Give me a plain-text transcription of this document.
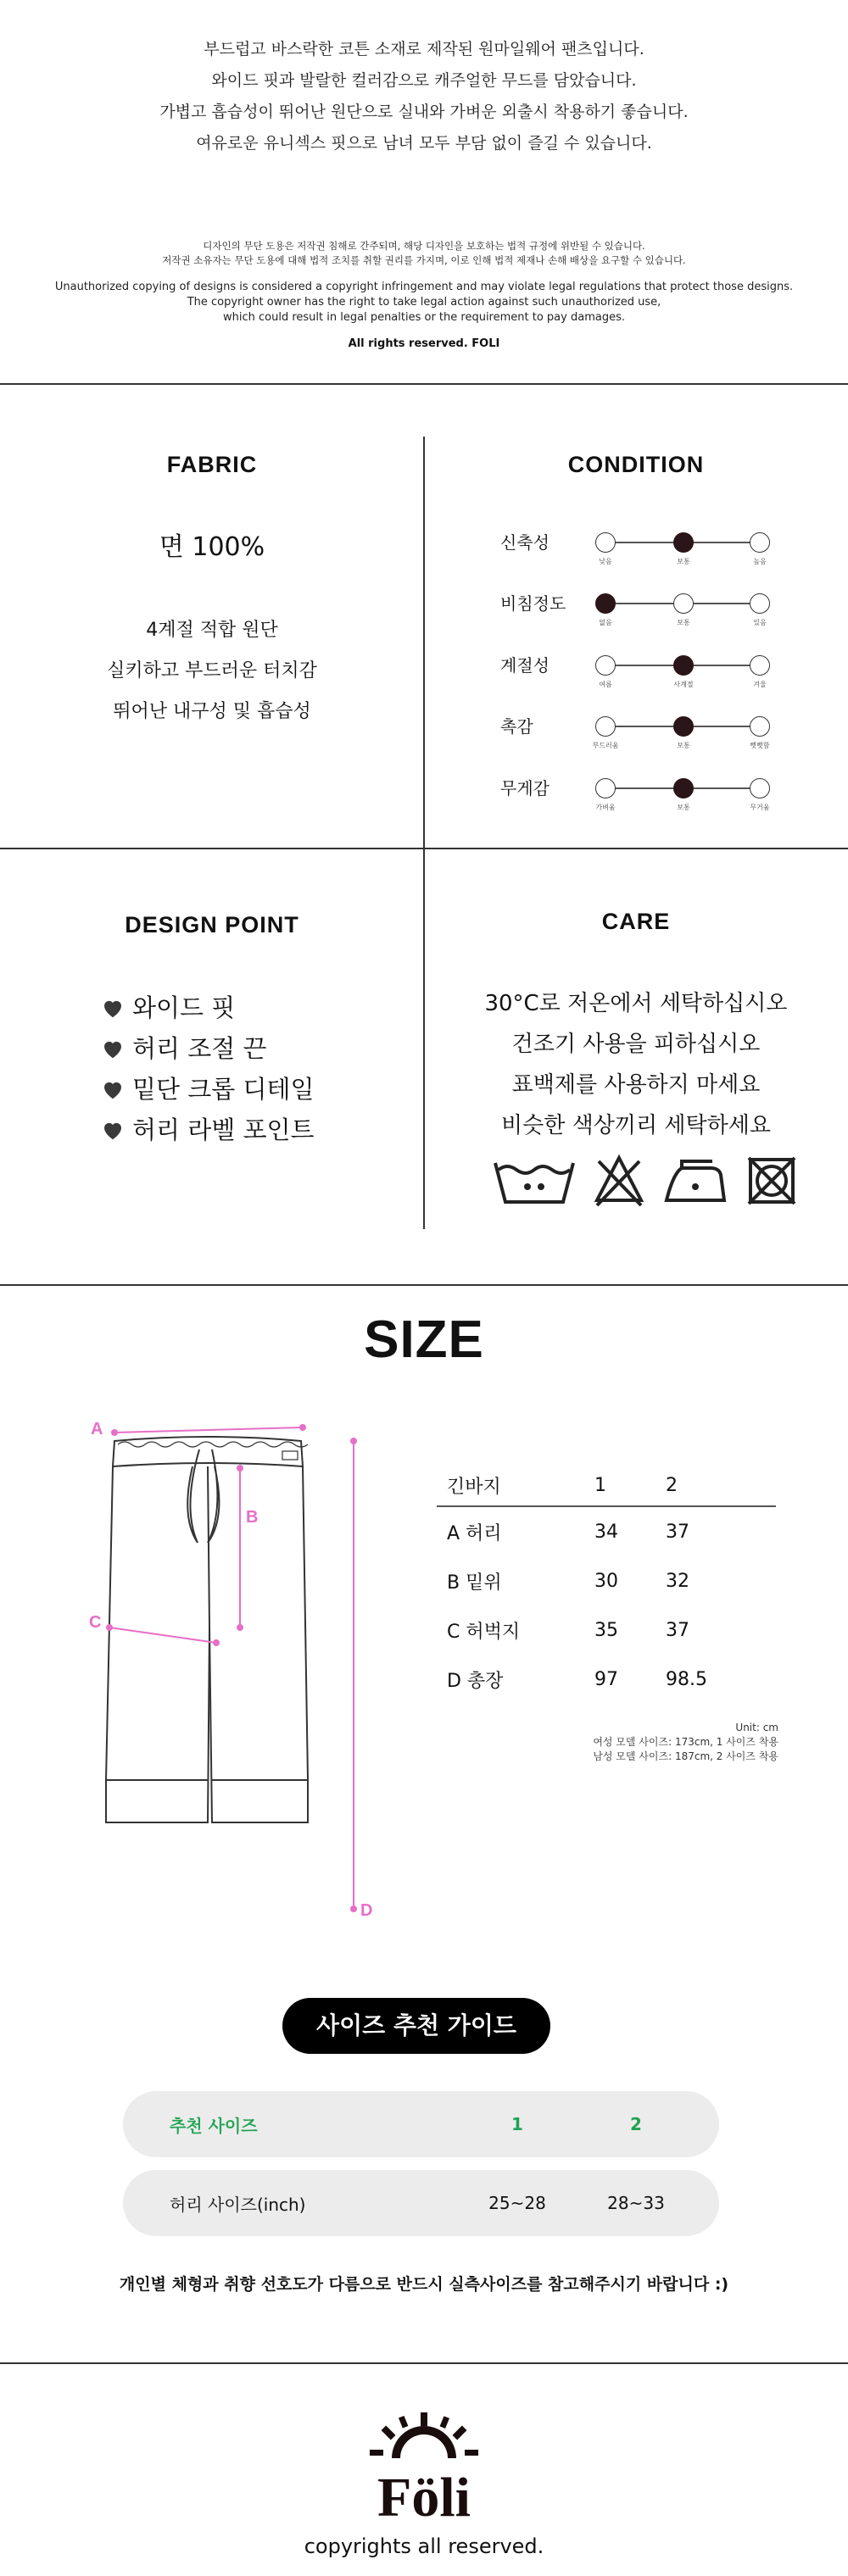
부드럽고 바스락한 코튼 소재로 제작된 원마일웨어 팬츠입니다.

와이드 핏과 발랄한 컬러감으로 캐주얼한 무드를 담았습니다.

가볍고 흡습성이 뛰어난 원단으로 실내와 가벼운 외출시 착용하기 좋습니다.

여유로운 유니섹스 핏으로 남녀 모두 부담 없이 즐길 수 있습니다.

디자인의 무단 도용은 저작권 침해로 간주되며, 해당 디자인을 보호하는 법적 규정에 위반될 수 있습니다.
저작권 소유자는 무단 도용에 대해 법적 조치를 취할 권리를 가지며, 이로 인해 법적 제재나 손해 배상을 요구할 수 있습니다.
Unauthorized copying of designs is considered a copyright infringement and may violate legal regulations that protect those designs.
The copyright owner has the right to take legal action against such unauthorized use,
which could result in legal penalties or the requirement to pay damages.
All rights reserved. FOLI
FABRIC
면 100%
4계절 적합 원단
실키하고 부드러운 터치감
뛰어난 내구성 및 흡습성
CONDITION
신축성
낮음	보통	높음
비침정도
없음	보통	있음
계절성
여름	사계절	겨울
촉감
부드러움	보통	뻣뻣함
무게감
가벼움	보통	무거움
DESIGN POINT
와이드 핏
허리 조절 끈
밑단 크롭 디테일
허리 라벨 포인트
CARE
30°C로 저온에서 세탁하십시오
건조기 사용을 피하십시오
표백제를 사용하지 마세요
비슷한 색상끼리 세탁하세요
SIZE
A
B
C
D
긴바지	1	2
A 허리	34	37
B 밑위	30	32
C 허벅지	35	37
D 총장	97	98.5
Unit: cm
여성 모델 사이즈: 173cm, 1 사이즈 착용
남성 모델 사이즈: 187cm, 2 사이즈 착용
사이즈 추천 가이드
추천 사이즈	1	2
허리 사이즈(inch)	25~28	28~33
개인별 체형과 취향 선호도가 다름으로 반드시 실측사이즈를 참고해주시기 바랍니다 :)
Föli
copyrights all reserved.
